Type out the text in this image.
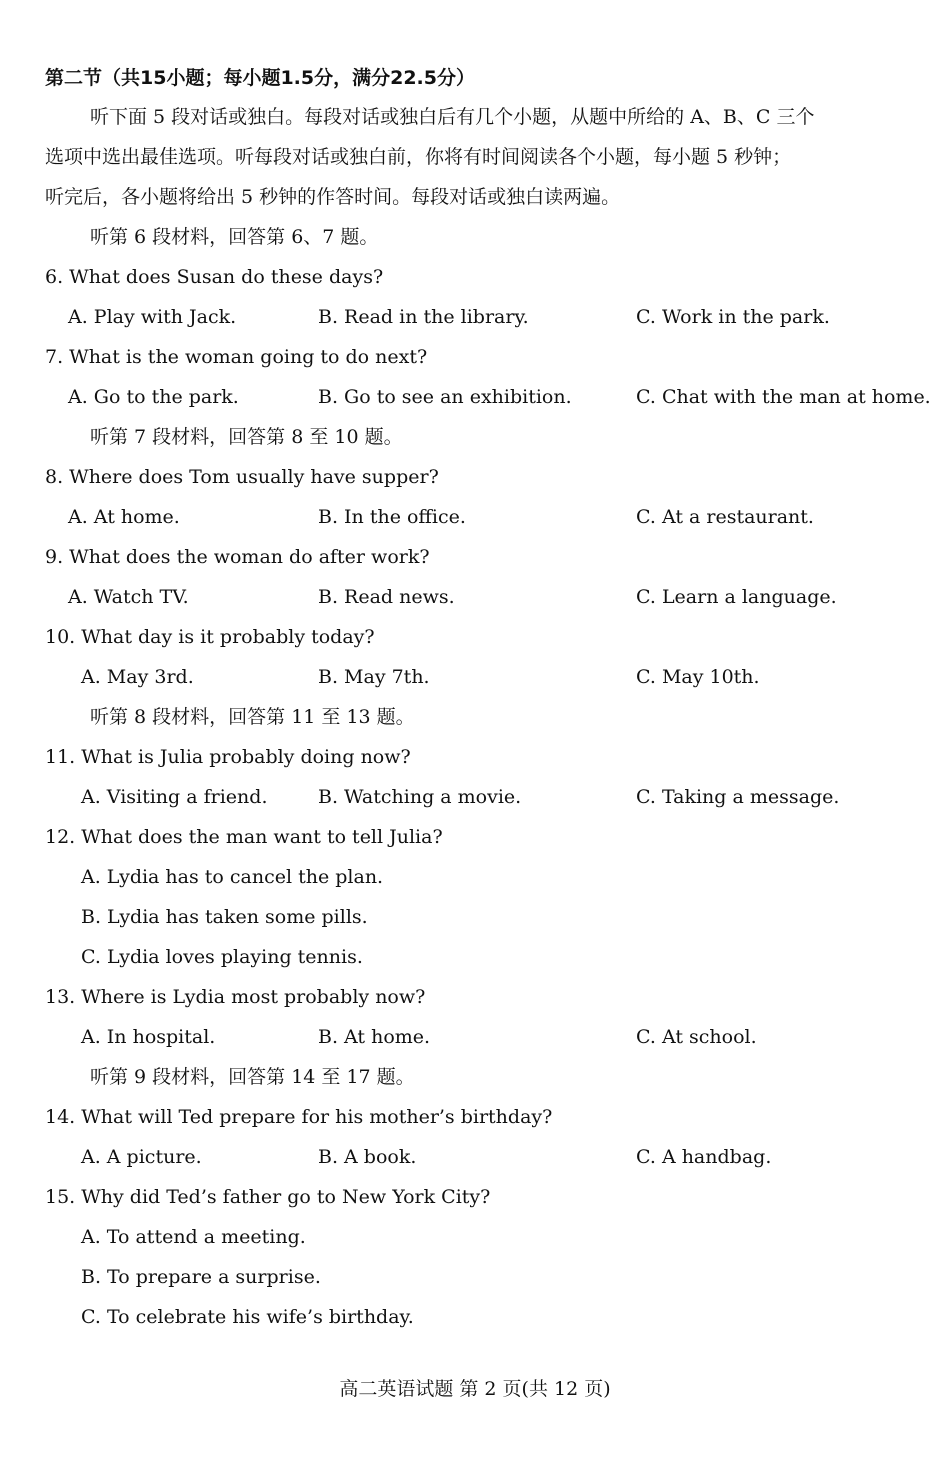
第二节（共15小题；每小题1.5分，满分22.5分）
听下面 5 段对话或独白。每段对话或独白后有几个小题，从题中所给的 A、B、C 三个
选项中选出最佳选项。听每段对话或独白前，你将有时间阅读各个小题，每小题 5 秒钟；
听完后，各小题将给出 5 秒钟的作答时间。每段对话或独白读两遍。
听第 6 段材料，回答第 6、7 题。
6. What does Susan do these days?
A. Play with Jack.	B. Read in the library.	C. Work in the park.
7. What is the woman going to do next?
A. Go to the park.	B. Go to see an exhibition.	C. Chat with the man at home.
听第 7 段材料，回答第 8 至 10 题。
8. Where does Tom usually have supper?
A. At home.	B. In the office.	C. At a restaurant.
9. What does the woman do after work?
A. Watch TV.	B. Read news.	C. Learn a language.
10. What day is it probably today?
A. May 3rd.	B. May 7th.	C. May 10th.
听第 8 段材料，回答第 11 至 13 题。
11. What is Julia probably doing now?
A. Visiting a friend.	B. Watching a movie.	C. Taking a message.
12. What does the man want to tell Julia?
A. Lydia has to cancel the plan.
B. Lydia has taken some pills.
C. Lydia loves playing tennis.
13. Where is Lydia most probably now?
A. In hospital.	B. At home.	C. At school.
听第 9 段材料，回答第 14 至 17 题。
14. What will Ted prepare for his mother’s birthday?
A. A picture.	B. A book.	C. A handbag.
15. Why did Ted’s father go to New York City?
A. To attend a meeting.
B. To prepare a surprise.
C. To celebrate his wife’s birthday.
高二英语试题 第 2 页(共 12 页)
